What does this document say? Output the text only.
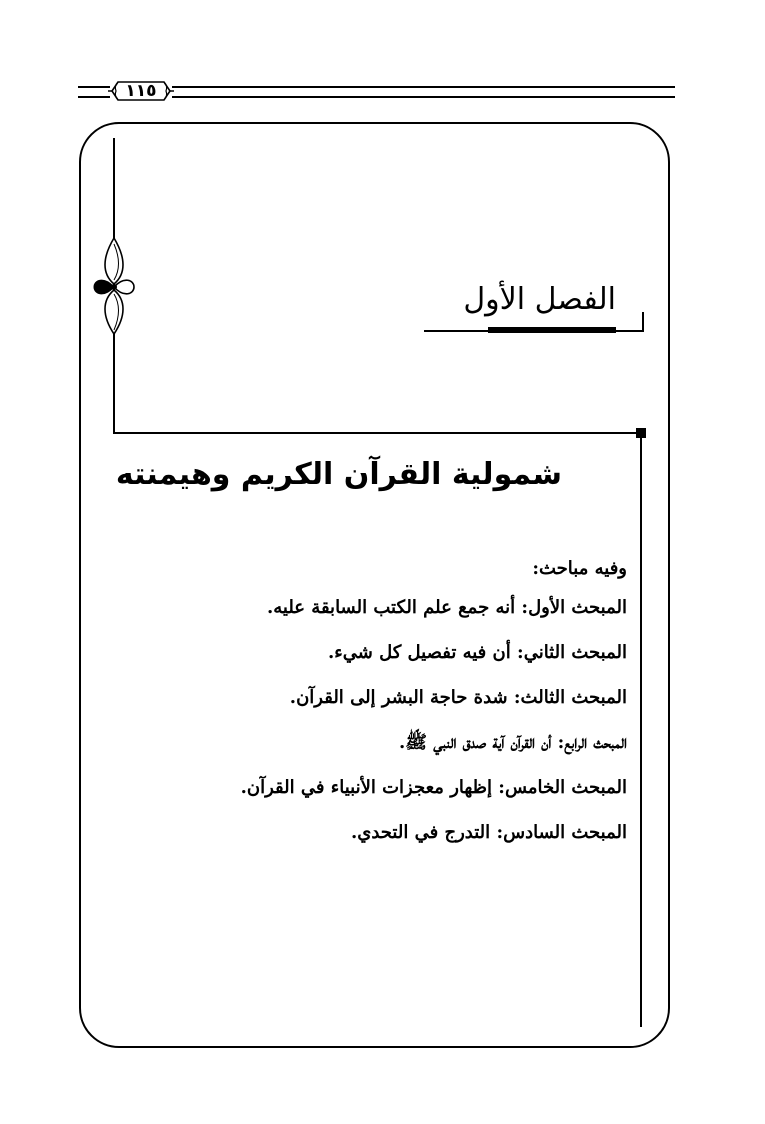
١١٥
الفصل الأول
شمولية القرآن الكريم وهيمنته
وفيه مباحث:
المبحث الأول: أنه جمع علم الكتب السابقة عليه.
المبحث الثاني: أن فيه تفصيل كل شيء.
المبحث الثالث: شدة حاجة البشر إلى القرآن.
المبحث الرابع: أن القرآن آية صدق النبي ﷺ.
المبحث الخامس: إظهار معجزات الأنبياء في القرآن.
المبحث السادس: التدرج في التحدي.
